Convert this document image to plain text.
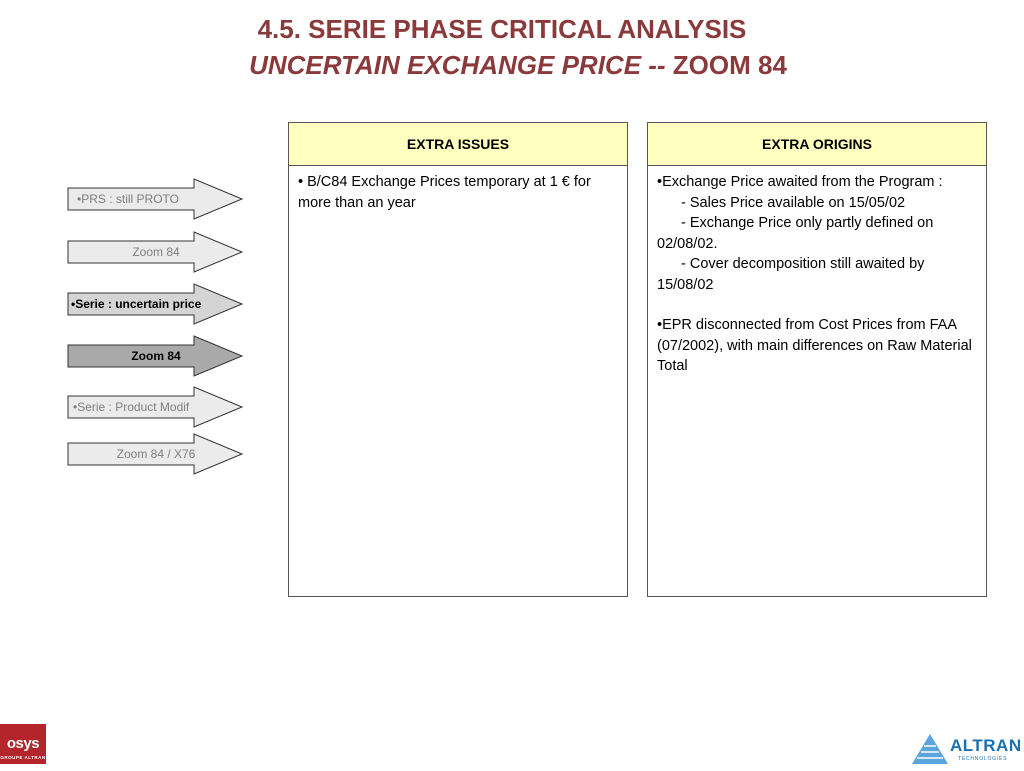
4.5. SERIE PHASE CRITICAL ANALYSIS
UNCERTAIN EXCHANGE PRICE -- ZOOM 84
•PRS : still PROTO
Zoom 84
•Serie : uncertain price
Zoom 84
•Serie : Product Modif
Zoom 84 / X76
EXTRA ISSUES

• B/C84 Exchange Prices temporary at 1 € for more than an year

EXTRA ORIGINS

•Exchange Price awaited from the Program :

- Sales Price available on 15/05/02

- Exchange Price only partly defined on

02/08/02.

- Cover decomposition still awaited by

15/08/02

•EPR disconnected from Cost Prices from FAA (07/2002), with main differences on Raw Material Total

osys
GROUPE ALTRAN
ALTRAN
TECHNOLOGIES
